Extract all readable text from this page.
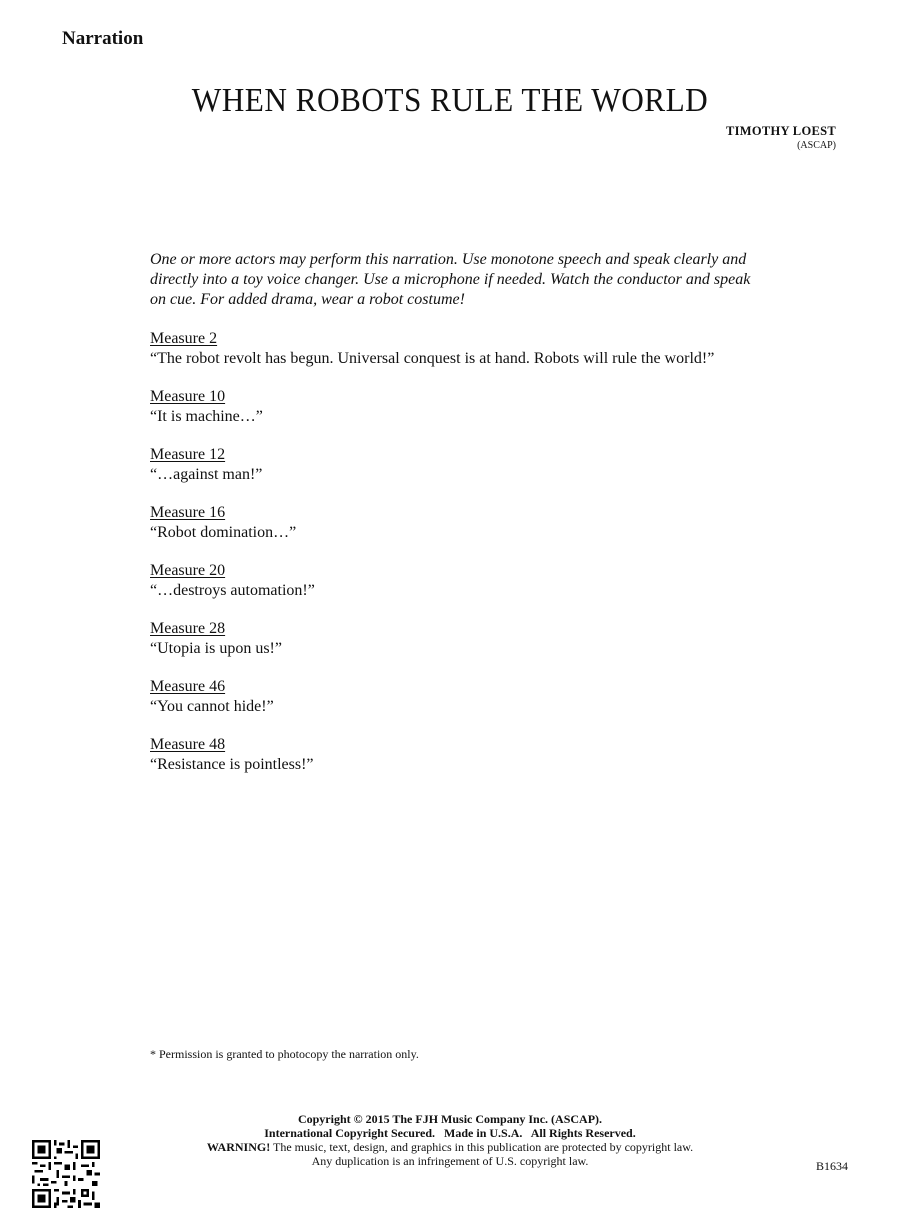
Narration
WHEN ROBOTS RULE THE WORLD
TIMOTHY LOEST
(ASCAP)

One or more actors may perform this narration. Use monotone speech and speak clearly and directly into a toy voice changer. Use a microphone if needed. Watch the conductor and speak on cue. For added drama, wear a robot costume!

Measure 2
“The robot revolt has begun. Universal conquest is at hand. Robots will rule the world!”
Measure 10
“It is machine…”
Measure 12
“…against man!”
Measure 16
“Robot domination…”
Measure 20
“…destroys automation!”
Measure 28
“Utopia is upon us!”
Measure 46
“You cannot hide!”
Measure 48
“Resistance is pointless!”
* Permission is granted to photocopy the narration only.
Copyright © 2015 The FJH Music Company Inc. (ASCAP).
International Copyright Secured.   Made in U.S.A.   All Rights Reserved.
WARNING! The music, text, design, and graphics in this publication are protected by copyright law.
Any duplication is an infringement of U.S. copyright law.	B1634
